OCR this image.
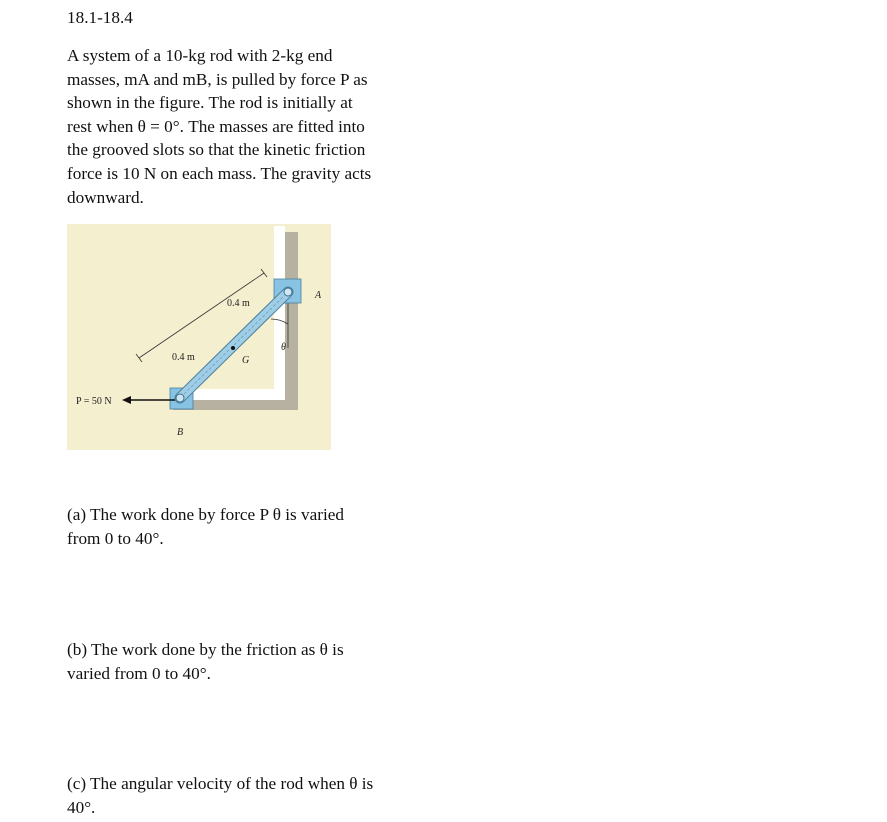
18.1-18.4
A system of a 10-kg rod with 2-kg end
masses, mA and mB, is pulled by force P as
shown in the figure. The rod is initially at
rest when θ = 0°. The masses are fitted into
the grooved slots so that the kinetic friction
force is 10 N on each mass. The gravity acts
downward.
0.4 m
0.4 m
A
G
θ
P = 50 N
B
(a) The work done by force P θ is varied
from 0 to 40°.
(b) The work done by the friction as θ is
varied from 0 to 40°.
(c) The angular velocity of the rod when θ is
40°.
